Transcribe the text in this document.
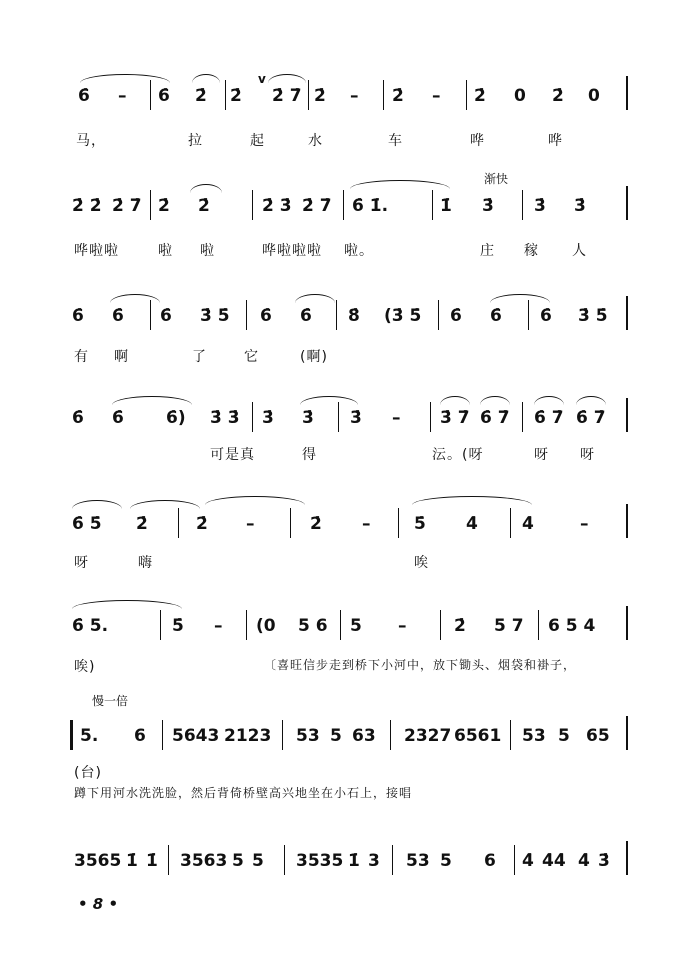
6̇ – 6̇ 2̇ 2̇
v
2̇ 7̇ 2̇ – 2̇ – 2̇ 0 2̇ 0
马，	拉	起	水	车	哗	哗
渐快
2̇ 2̇ 2̇ 7̇ 2̇ 2̇	2̇ 3̇ 2̇ 7̇ 6̇ 1̇.	1̇ 3̇ 3̇ 3̇
哗啦啦	啦 啦	哗啦啦啦 啦。	庄 稼 人
6̇ 6̇ 6̇ 3̇ 5̇ 6̇ 6̇ 8̇ (3̇ 5̇ 6̇ 6̇ 6̇ 3̇ 5̇
有 啊	了	它	(啊)
6̇ 6̇ 6̇) 3̇ 3̇ 3̇ 3̇ 3̇ – 3̇ 7̇ 6̇ 7̇ 6̇ 7̇ 6̇ 7̇
可是真	得	沄。(呀	呀 呀
6̇ 5̇ 2̇	2̇ –	2̇ –	5̇ 4̇	4̇	–
呀	嗨	唉
6̇ 5.	5̇ – (0 5 6 5 –	2̇ 5 7 6 5 4
唉)	〔喜旺信步走到桥下小河中，放下锄头、烟袋和褂子，
慢一倍
5. 6 5643 2123 53 5 63 2327 6561 53 5 65
(台)
蹲下用河水洗洗脸，然后背倚桥壁高兴地坐在小石上，接唱
3565 1̇ 1̇ 3563 5 5 3535 1̇ 3 53 5 6 4̇ 4̇4̇ 4̇ 3̇
• 8 •
